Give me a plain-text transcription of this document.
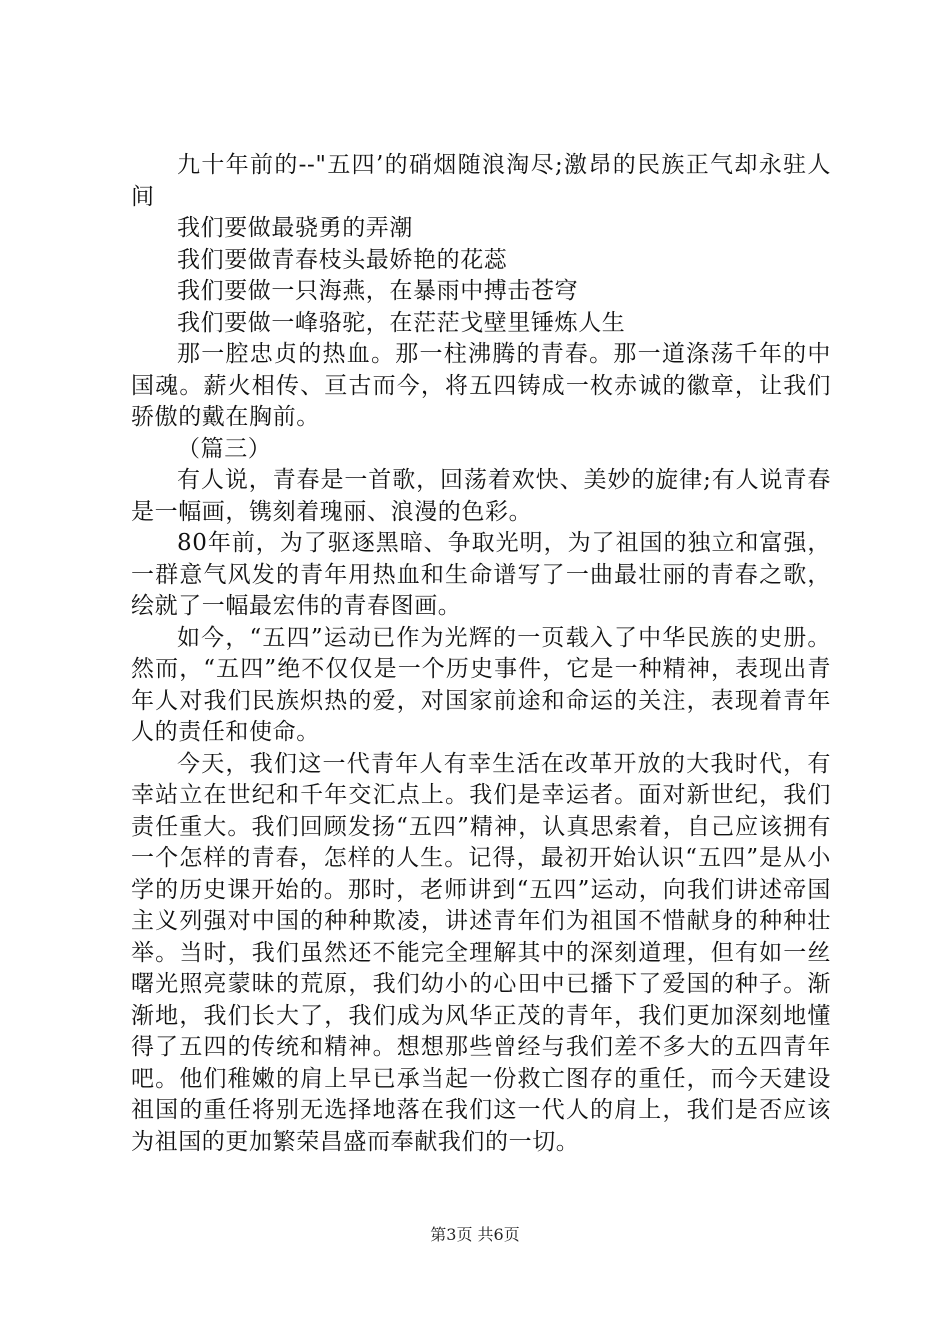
九十年前的--"五四’的硝烟随浪淘尽;激昂的民族正气却永驻人间

我们要做最骁勇的弄潮

我们要做青春枝头最娇艳的花蕊

我们要做一只海燕，在暴雨中搏击苍穹

我们要做一峰骆驼，在茫茫戈壁里锤炼人生

那一腔忠贞的热血。那一柱沸腾的青春。那一道涤荡千年的中国魂。薪火相传、亘古而今，将五四铸成一枚赤诚的徽章，让我们骄傲的戴在胸前。

（篇三）

有人说，青春是一首歌，回荡着欢快、美妙的旋律;有人说青春是一幅画，镌刻着瑰丽、浪漫的色彩。

80年前，为了驱逐黑暗、争取光明，为了祖国的独立和富强，一群意气风发的青年用热血和生命谱写了一曲最壮丽的青春之歌，绘就了一幅最宏伟的青春图画。

如今，“五四”运动已作为光辉的一页载入了中华民族的史册。然而，“五四”绝不仅仅是一个历史事件，它是一种精神，表现出青年人对我们民族炽热的爱，对国家前途和命运的关注，表现着青年人的责任和使命。

今天，我们这一代青年人有幸生活在改革开放的大我时代，有幸站立在世纪和千年交汇点上。我们是幸运者。面对新世纪，我们责任重大。我们回顾发扬“五四”精神，认真思索着，自己应该拥有一个怎样的青春，怎样的人生。记得，最初开始认识“五四”是从小学的历史课开始的。那时，老师讲到“五四”运动，向我们讲述帝国主义列强对中国的种种欺凌，讲述青年们为祖国不惜献身的种种壮举。当时，我们虽然还不能完全理解其中的深刻道理，但有如一丝曙光照亮蒙昧的荒原，我们幼小的心田中已播下了爱国的种子。渐渐地，我们长大了，我们成为风华正茂的青年，我们更加深刻地懂得了五四的传统和精神。想想那些曾经与我们差不多大的五四青年吧。他们稚嫩的肩上早已承当起一份救亡图存的重任，而今天建设祖国的重任将别无选择地落在我们这一代人的肩上，我们是否应该为祖国的更加繁荣昌盛而奉献我们的一切。

第3页 共6页
